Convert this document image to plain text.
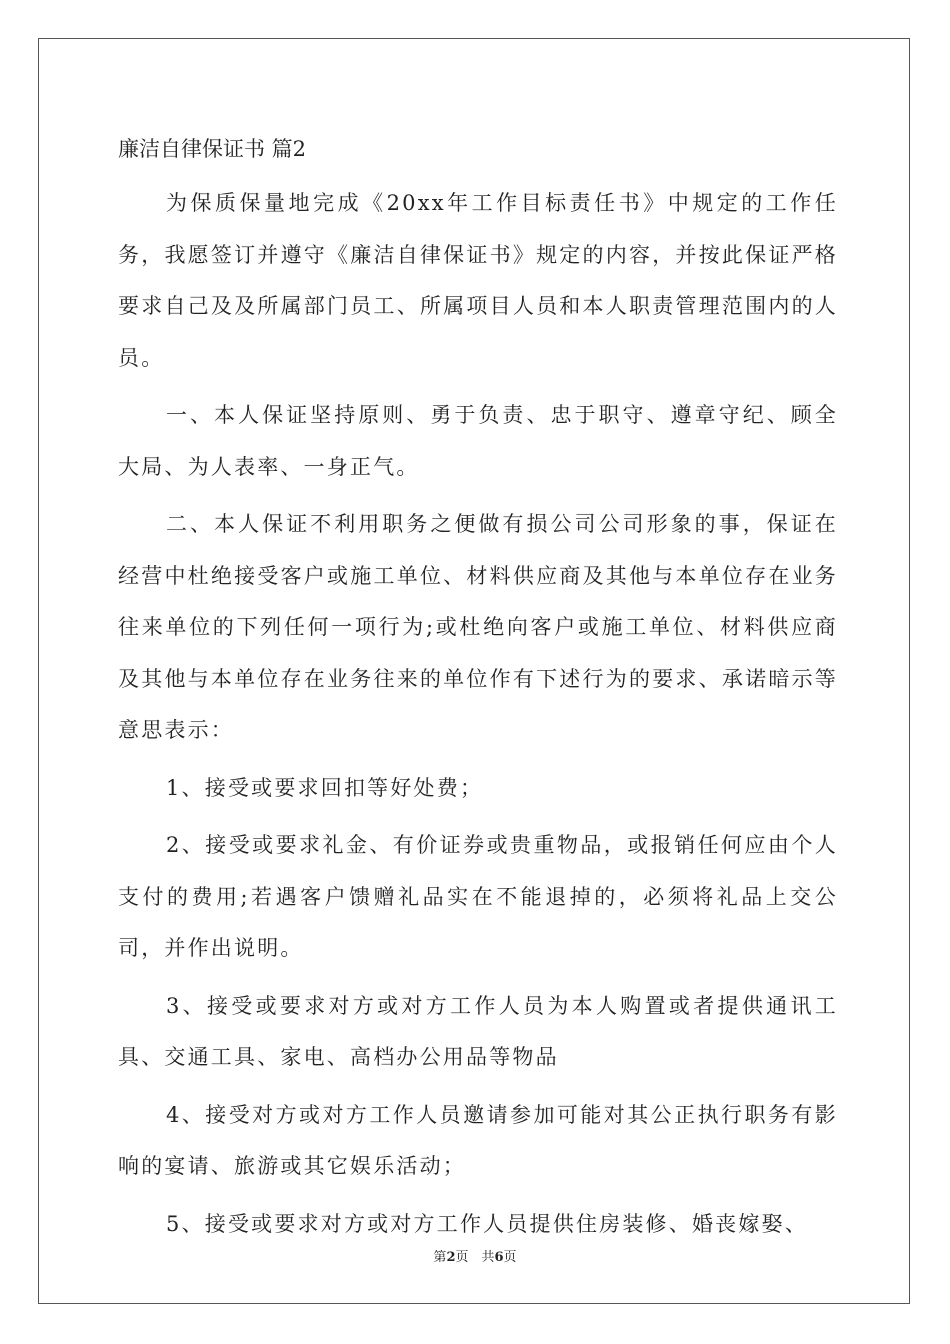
廉洁自律保证书 篇2

为保质保量地完成《20xx年工作目标责任书》中规定的工作任务，我愿签订并遵守《廉洁自律保证书》规定的内容，并按此保证严格要求自己及及所属部门员工、所属项目人员和本人职责管理范围内的人员。

一、本人保证坚持原则、勇于负责、忠于职守、遵章守纪、顾全大局、为人表率、一身正气。

二、本人保证不利用职务之便做有损公司公司形象的事，保证在经营中杜绝接受客户或施工单位、材料供应商及其他与本单位存在业务往来单位的下列任何一项行为;或杜绝向客户或施工单位、材料供应商及其他与本单位存在业务往来的单位作有下述行为的要求、承诺暗示等意思表示：

1、接受或要求回扣等好处费；

2、接受或要求礼金、有价证券或贵重物品，或报销任何应由个人支付的费用;若遇客户馈赠礼品实在不能退掉的，必须将礼品上交公司，并作出说明。

3、接受或要求对方或对方工作人员为本人购置或者提供通讯工具、交通工具、家电、高档办公用品等物品

4、接受对方或对方工作人员邀请参加可能对其公正执行职务有影响的宴请、旅游或其它娱乐活动；

5、接受或要求对方或对方工作人员提供住房装修、婚丧嫁娶、

第2页　共6页
